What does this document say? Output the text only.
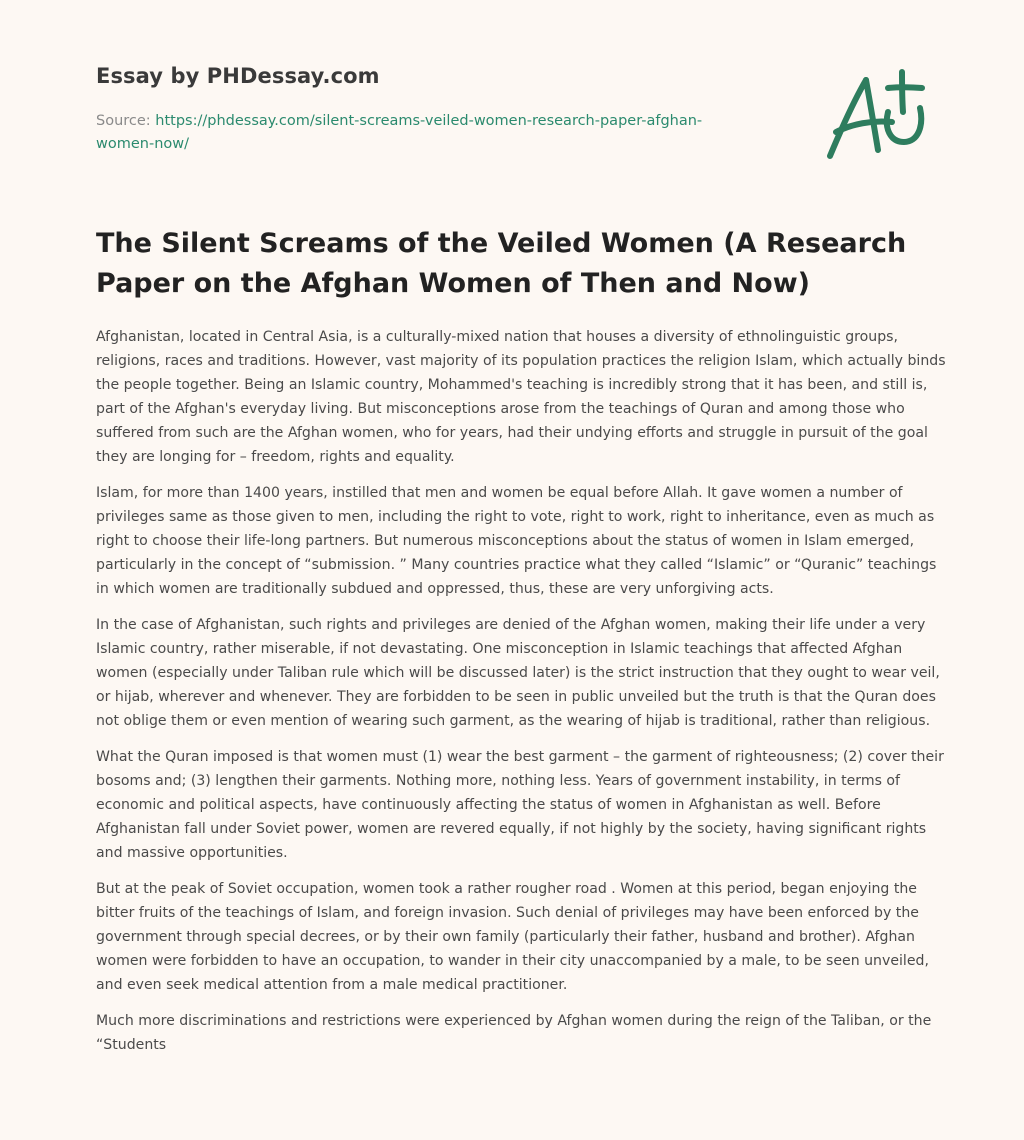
Essay by PHDessay.com
Source: https://phdessay.com/silent-screams-veiled-women-research-paper-afghan-women-now/
The Silent Screams of the Veiled Women (A Research Paper on the Afghan Women of Then and Now)

Afghanistan, located in Central Asia, is a culturally-mixed nation that houses a diversity of ethnolinguistic groups, religions, races and traditions. However, vast majority of its population practices the religion Islam, which actually binds the people together. Being an Islamic country, Mohammed's teaching is incredibly strong that it has been, and still is, part of the Afghan's everyday living. But misconceptions arose from the teachings of Quran and among those who suffered from such are the Afghan women, who for years, had their undying efforts and struggle in pursuit of the goal they are longing for – freedom, rights and equality.

Islam, for more than 1400 years, instilled that men and women be equal before Allah. It gave women a number of privileges same as those given to men, including the right to vote, right to work, right to inheritance, even as much as right to choose their life-long partners. But numerous misconceptions about the status of women in Islam emerged, particularly in the concept of “submission. ” Many countries practice what they called “Islamic” or “Quranic” teachings in which women are traditionally subdued and oppressed, thus, these are very unforgiving acts.

In the case of Afghanistan, such rights and privileges are denied of the Afghan women, making their life under a very Islamic country, rather miserable, if not devastating. One misconception in Islamic teachings that affected Afghan women (especially under Taliban rule which will be discussed later) is the strict instruction that they ought to wear veil, or hijab, wherever and whenever. They are forbidden to be seen in public unveiled but the truth is that the Quran does not oblige them or even mention of wearing such garment, as the wearing of hijab is traditional, rather than religious.

What the Quran imposed is that women must (1) wear the best garment – the garment of righteousness; (2) cover their bosoms and; (3) lengthen their garments. Nothing more, nothing less. Years of government instability, in terms of economic and political aspects, have continuously affecting the status of women in Afghanistan as well. Before Afghanistan fall under Soviet power, women are revered equally, if not highly by the society, having significant rights and massive opportunities.

But at the peak of Soviet occupation, women took a rather rougher road . Women at this period, began enjoying the bitter fruits of the teachings of Islam, and foreign invasion. Such denial of privileges may have been enforced by the government through special decrees, or by their own family (particularly their father, husband and brother). Afghan women were forbidden to have an occupation, to wander in their city unaccompanied by a male, to be seen unveiled, and even seek medical attention from a male medical practitioner.

Much more discriminations and restrictions were experienced by Afghan women during the reign of the Taliban, or the “Students
